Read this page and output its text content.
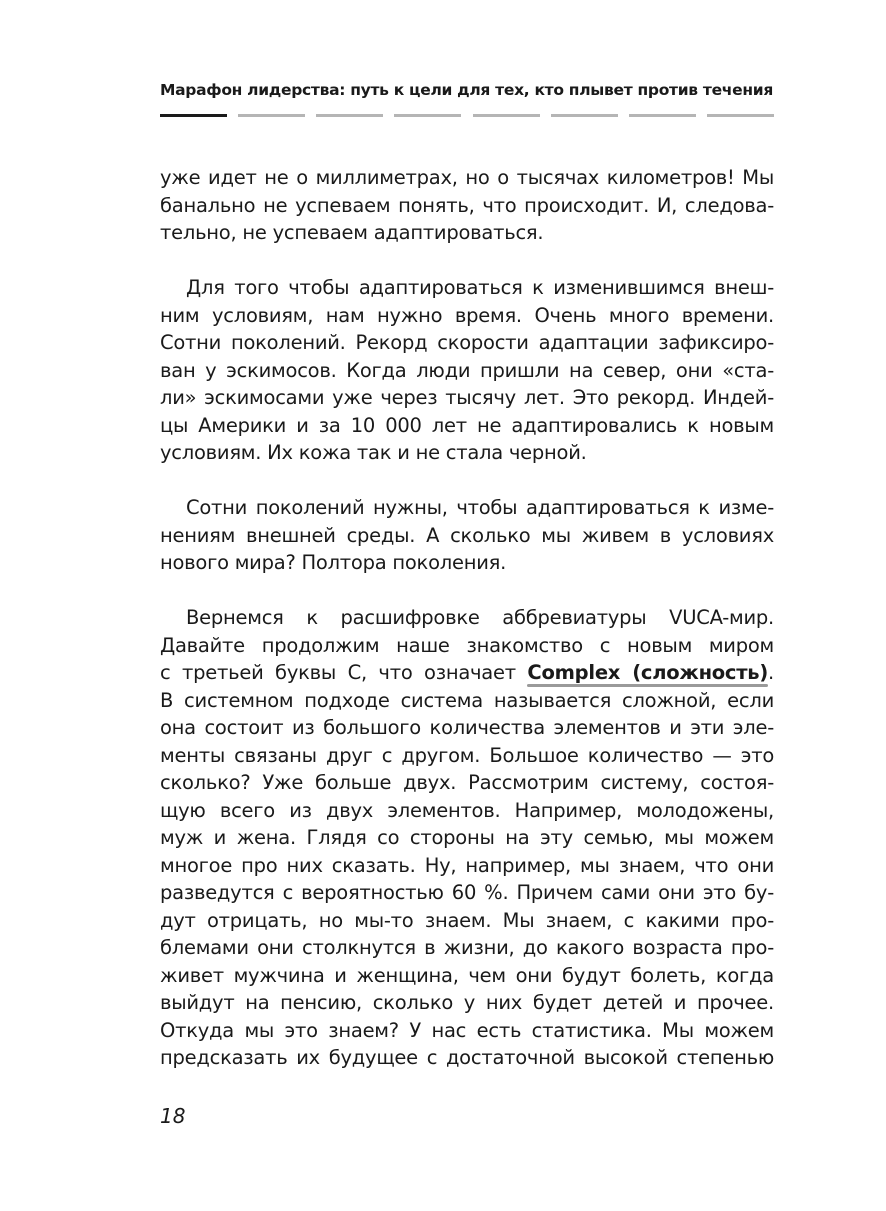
Марафон лидерства: путь к цели для тех, кто плывет против течения

уже идет не о миллиметрах, но о тысячах километров! Мы
банально не успеваем понять, что происходит. И, следова-
тельно, не успеваем адаптироваться.

Для того чтобы адаптироваться к изменившимся внеш-
ним условиям, нам нужно время. Очень много времени.
Сотни поколений. Рекорд скорости адаптации зафиксиро-
ван у эскимосов. Когда люди пришли на север, они «ста-
ли» эскимосами уже через тысячу лет. Это рекорд. Индей-
цы Америки и за 10 000 лет не адаптировались к новым
условиям. Их кожа так и не стала черной.

Сотни поколений нужны, чтобы адаптироваться к изме-
нениям внешней среды. А сколько мы живем в условиях
нового мира? Полтора поколения.

Вернемся к расшифровке аббревиатуры VUCA-мир.
Давайте продолжим наше знакомство с новым миром
с третьей буквы С, что означает Complex (сложность)
.
В системном подходе система называется сложной, если
она состоит из большого количества элементов и эти эле-
менты связаны друг с другом. Большое количество — это
сколько? Уже больше двух. Рассмотрим систему, состоя-
щую всего из двух элементов. Например, молодожены,
муж и жена. Глядя со стороны на эту семью, мы можем
многое про них сказать. Ну, например, мы знаем, что они
разведутся с вероятностью 60 %. Причем сами они это бу-
дут отрицать, но мы-то знаем. Мы знаем, с какими про-
блемами они столкнутся в жизни, до какого возраста про-
живет мужчина и женщина, чем они будут болеть, когда
выйдут на пенсию, сколько у них будет детей и прочее.
Откуда мы это знаем? У нас есть статистика. Мы можем
предсказать их будущее с достаточной высокой степенью

18
